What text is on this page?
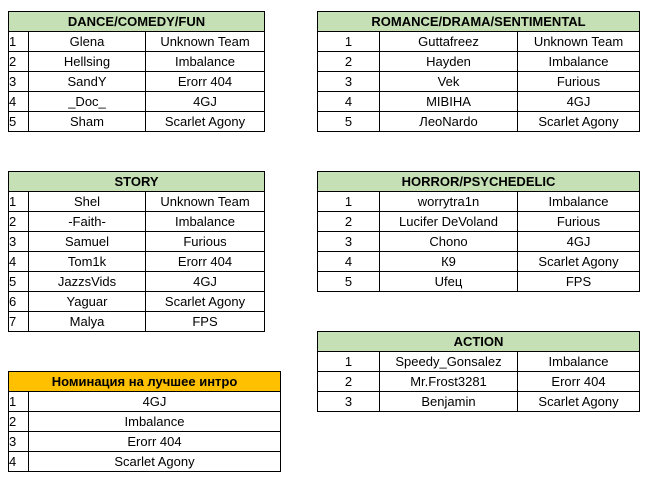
DANCE/COMEDY/FUN		
1	Glena	Unknown Team
2	Hellsing	Imbalance
3	SandY	Erorr 404
4	_Doc_	4GJ
5	Sham	Scarlet Agony
ROMANCE/DRAMA/SENTIMENTAL		
1	Guttafreez	Unknown Team
2	Hayden	Imbalance
3	Vek	Furious
4	MIBIHA	4GJ
5	ЛеоNardo	Scarlet Agony
STORY		
1	Shel	Unknown Team
2	-Faith-	Imbalance
3	Samuel	Furious
4	Tom1k	Erorr 404
5	JazzsVids	4GJ
6	Yaguar	Scarlet Agony
7	Malya	FPS
HORROR/PSYCHEDELIC		
1	worrytra1n	Imbalance
2	Lucifer DeVoland	Furious
3	Chono	4GJ
4	К9	Scarlet Agony
5	Ufeц	FPS
ACTION		
1	Speedy_Gonsalez	Imbalance
2	Mr.Frost3281	Erorr 404
3	Benjamin	Scarlet Agony
Номинация на лучшее интро	
1	4GJ
2	Imbalance
3	Erorr 404
4	Scarlet Agony
